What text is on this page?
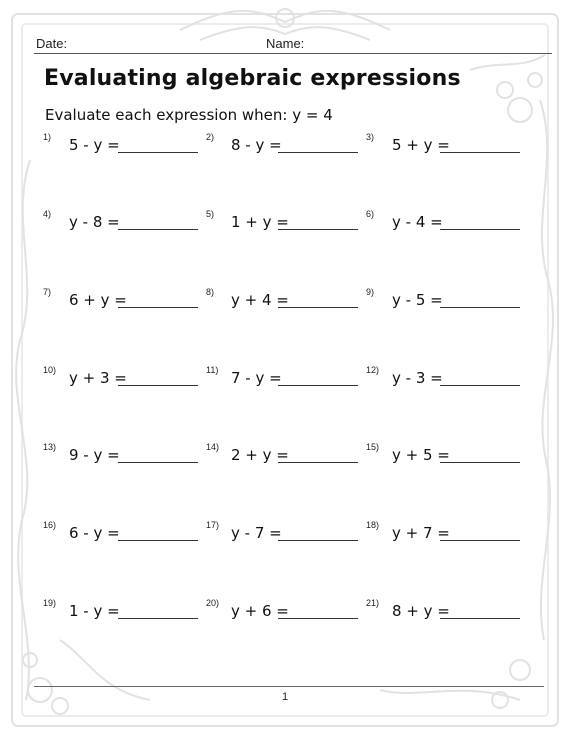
Date:	Name:
Evaluating algebraic expressions
Evaluate each expression when: y = 4
1) 5 - y =	2) 8 - y =	3) 5 + y =
4) y - 8 =	5) 1 + y =	6) y - 4 =
7) 6 + y =	8) y + 4 =	9) y - 5 =
10) y + 3 =	11) 7 - y =	12) y - 3 =
13) 9 - y =	14) 2 + y =	15) y + 5 =
16) 6 - y =	17) y - 7 =	18) y + 7 =
19) 1 - y =	20) y + 6 =	21) 8 + y =
1
